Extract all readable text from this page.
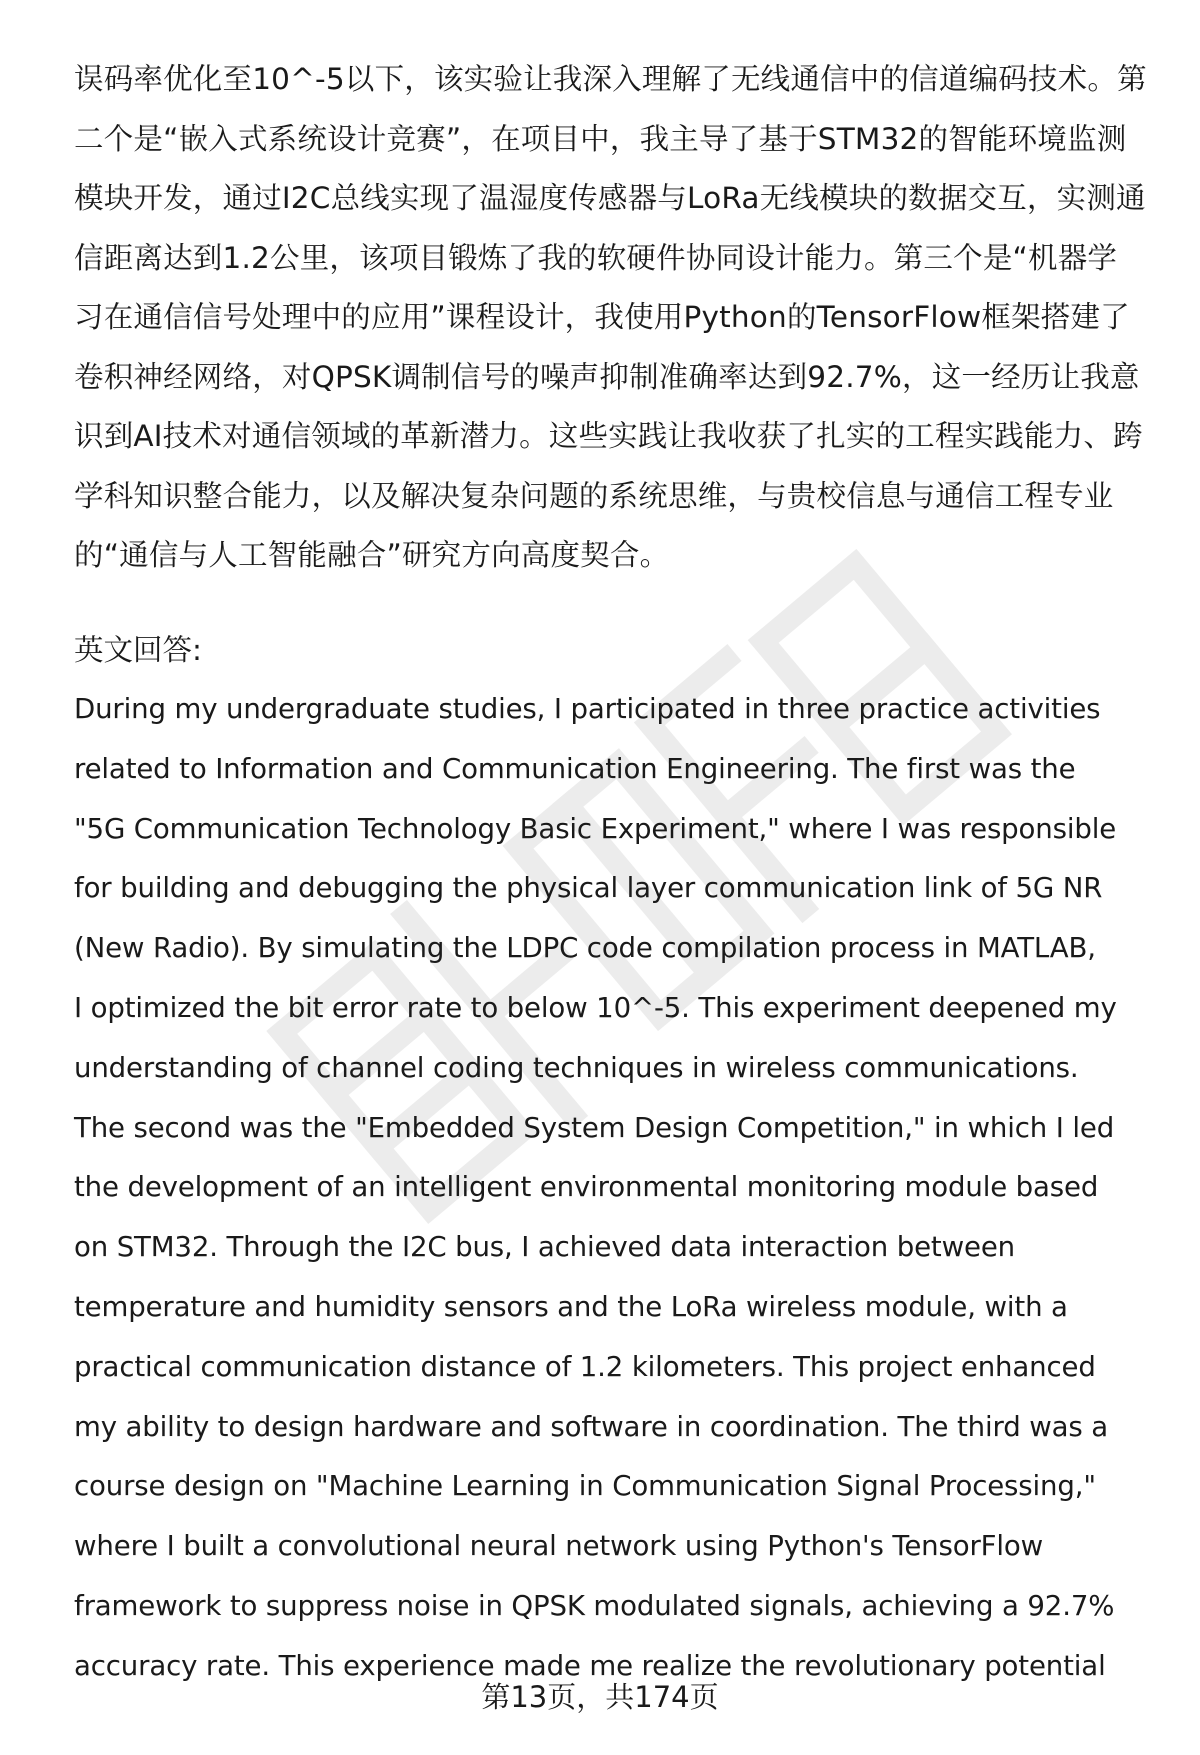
误码率优化至10^-5以下，该实验让我深入理解了无线通信中的信道编码技术。第
二个是“嵌入式系统设计竞赛”，在项目中，我主导了基于STM32的智能环境监测
模块开发，通过I2C总线实现了温湿度传感器与LoRa无线模块的数据交互，实测通
信距离达到1.2公里，该项目锻炼了我的软硬件协同设计能力。第三个是“机器学
习在通信信号处理中的应用”课程设计，我使用Python的TensorFlow框架搭建了
卷积神经网络，对QPSK调制信号的噪声抑制准确率达到92.7%，这一经历让我意
识到AI技术对通信领域的革新潜力。这些实践让我收获了扎实的工程实践能力、跨
学科知识整合能力，以及解决复杂问题的系统思维，与贵校信息与通信工程专业
的“通信与人工智能融合”研究方向高度契合。
英文回答:
During my undergraduate studies, I participated in three practice activities
related to Information and Communication Engineering. The first was the
"5G Communication Technology Basic Experiment," where I was responsible
for building and debugging the physical layer communication link of 5G NR
(New Radio). By simulating the LDPC code compilation process in MATLAB,
I optimized the bit error rate to below 10^-5. This experiment deepened my
understanding of channel coding techniques in wireless communications.
The second was the "Embedded System Design Competition," in which I led
the development of an intelligent environmental monitoring module based
on STM32. Through the I2C bus, I achieved data interaction between
temperature and humidity sensors and the LoRa wireless module, with a
practical communication distance of 1.2 kilometers. This project enhanced
my ability to design hardware and software in coordination. The third was a
course design on "Machine Learning in Communication Signal Processing,"
where I built a convolutional neural network using Python's TensorFlow
framework to suppress noise in QPSK modulated signals, achieving a 92.7%
accuracy rate. This experience made me realize the revolutionary potential
第13页，共174页
